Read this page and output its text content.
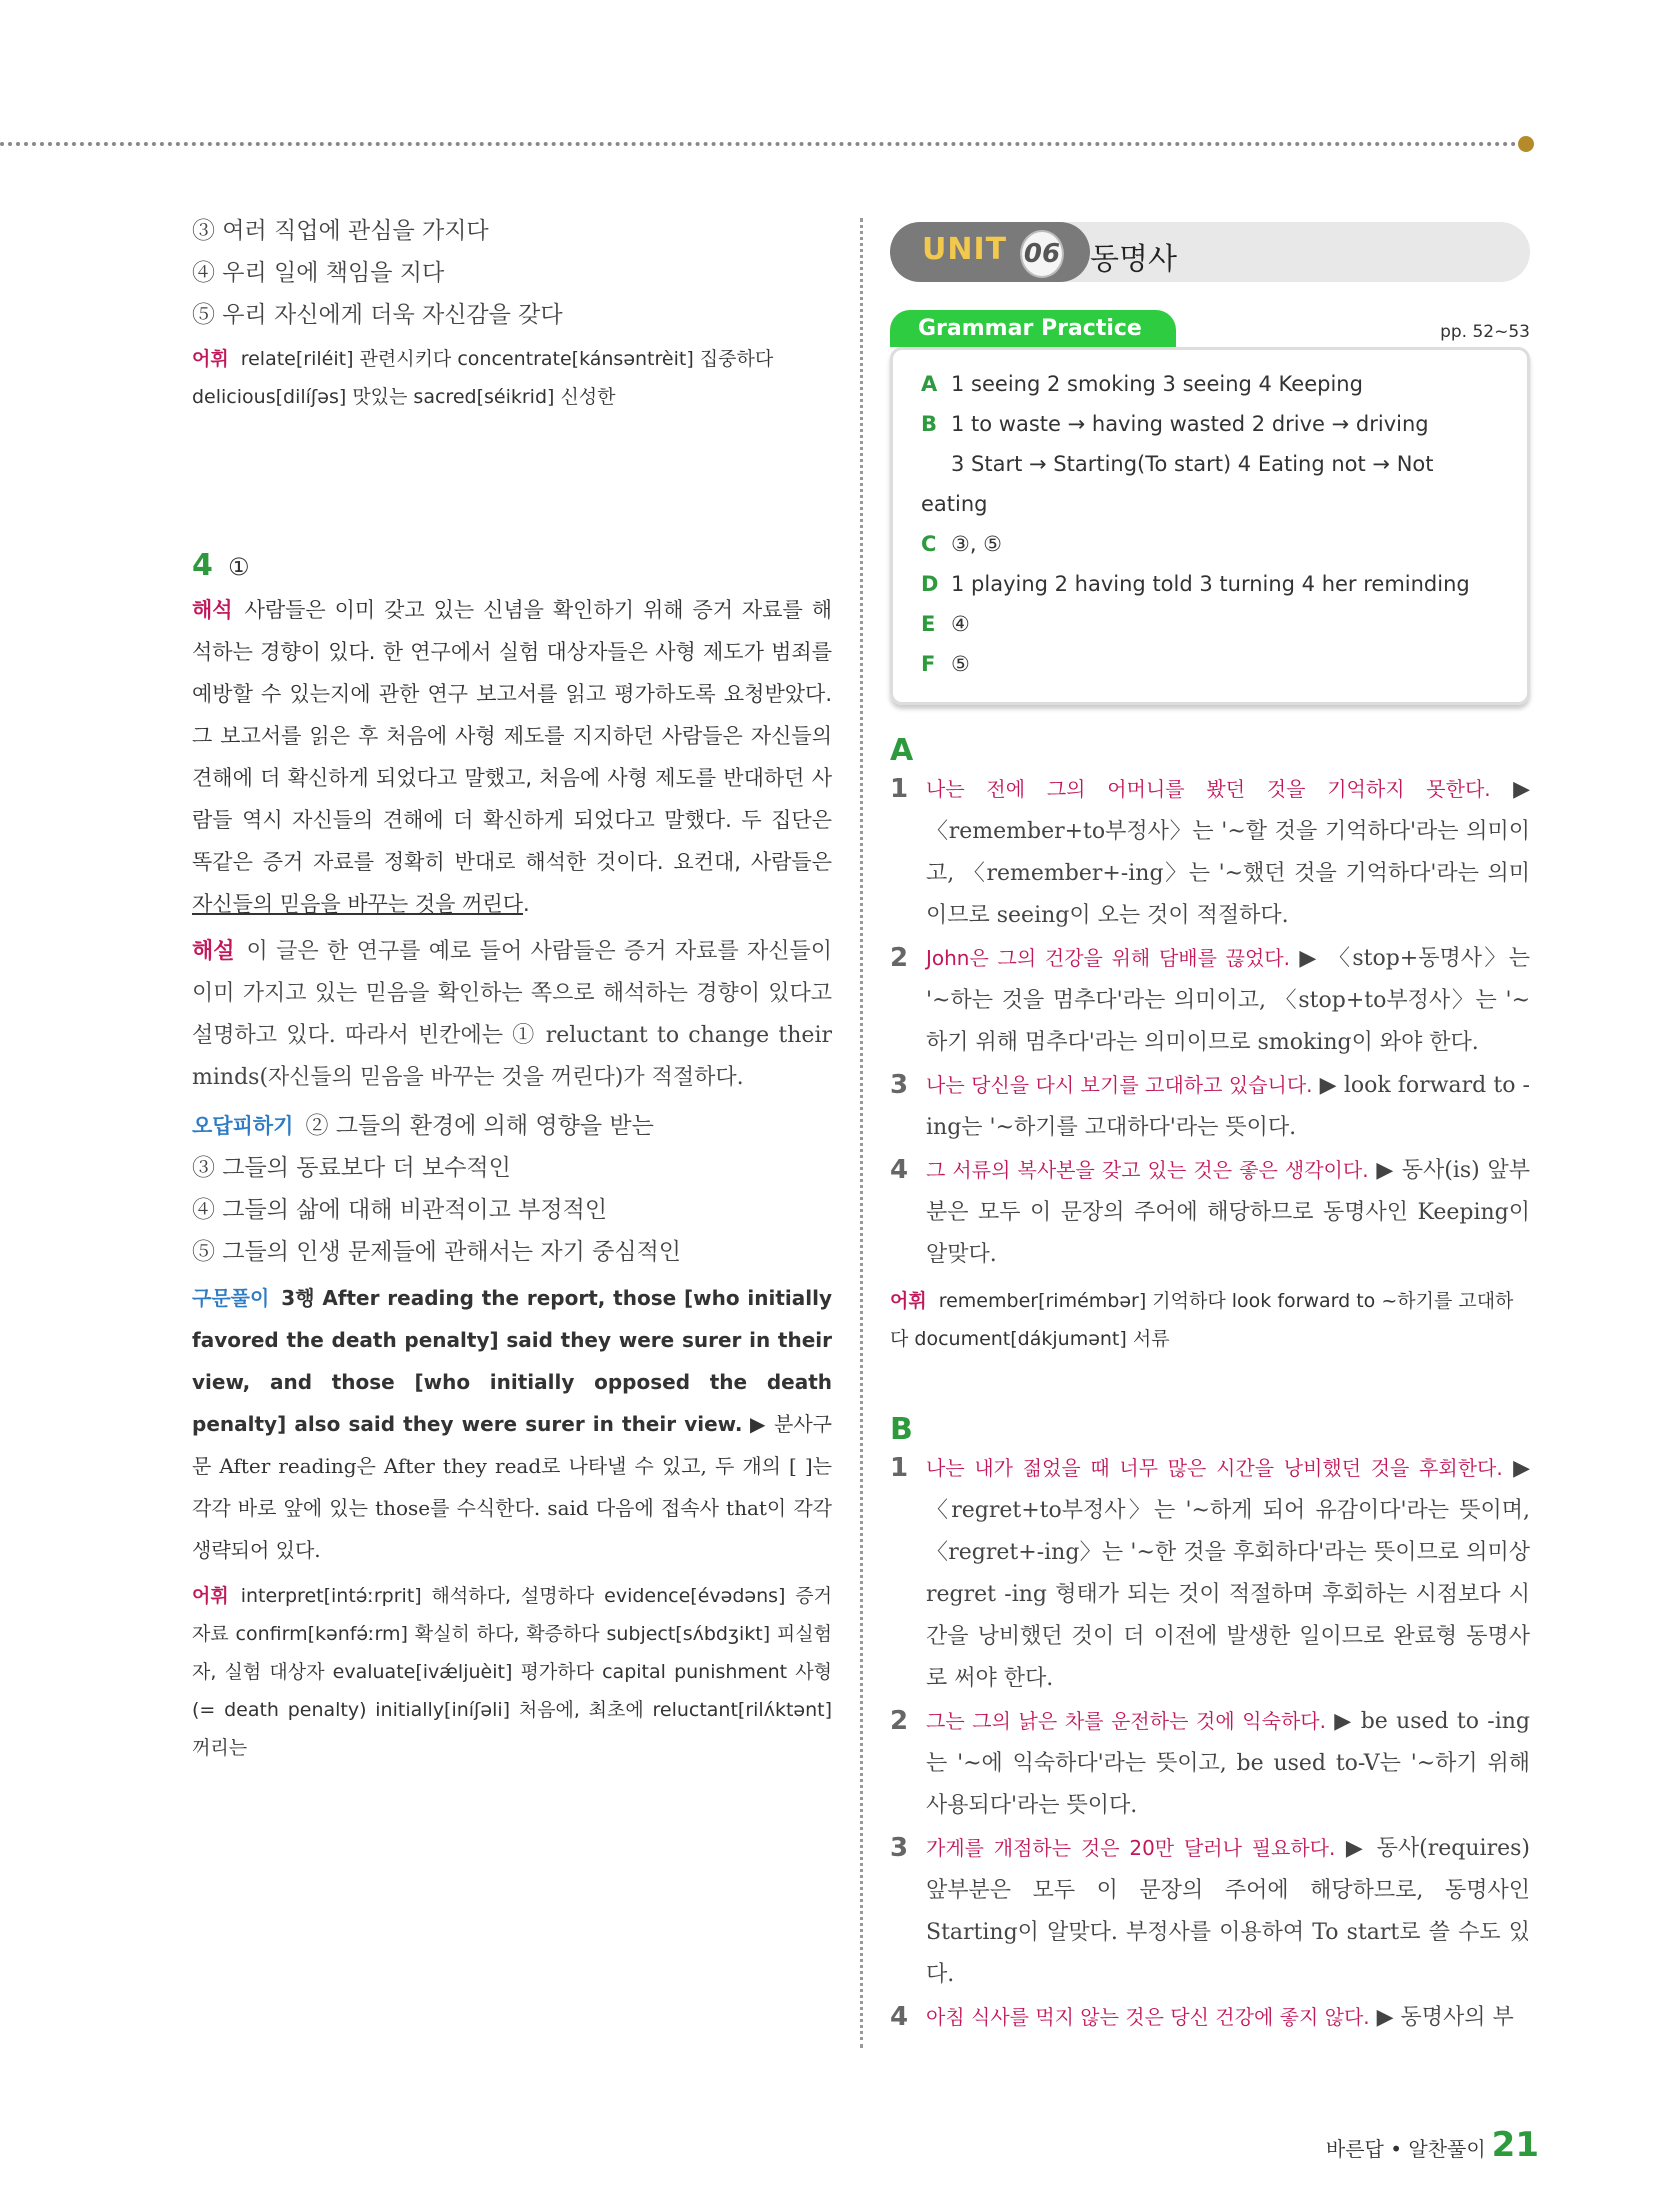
③ 여러 직업에 관심을 가지다

④ 우리 일에 책임을 지다

⑤ 우리 자신에게 더욱 자신감을 갖다

어휘 relate[riléit] 관련시키다 concentrate[kánsəntrèit] 집중하다

delicious[dilíʃəs] 맛있는 sacred[séikrid] 신성한

4 ①

해석 사람들은 이미 갖고 있는 신념을 확인하기 위해 증거 자료를 해석하는 경향이 있다. 한 연구에서 실험 대상자들은 사형 제도가 범죄를 예방할 수 있는지에 관한 연구 보고서를 읽고 평가하도록 요청받았다. 그 보고서를 읽은 후 처음에 사형 제도를 지지하던 사람들은 자신들의 견해에 더 확신하게 되었다고 말했고, 처음에 사형 제도를 반대하던 사람들 역시 자신들의 견해에 더 확신하게 되었다고 말했다. 두 집단은 똑같은 증거 자료를 정확히 반대로 해석한 것이다. 요컨대, 사람들은 자신들의 믿음을 바꾸는 것을 꺼린다.

해설 이 글은 한 연구를 예로 들어 사람들은 증거 자료를 자신들이 이미 가지고 있는 믿음을 확인하는 쪽으로 해석하는 경향이 있다고 설명하고 있다. 따라서 빈칸에는 ① reluctant to change their minds(자신들의 믿음을 바꾸는 것을 꺼린다)가 적절하다.

오답피하기 ② 그들의 환경에 의해 영향을 받는

③ 그들의 동료보다 더 보수적인

④ 그들의 삶에 대해 비관적이고 부정적인

⑤ 그들의 인생 문제들에 관해서는 자기 중심적인

구문풀이 3행 After reading the report, those [who initially favored the death penalty] said they were surer in their view, and those [who initially opposed the death penalty] also said they were surer in their view. ▶ 분사구문 After reading은 After they read로 나타낼 수 있고, 두 개의 [ ]는 각각 바로 앞에 있는 those를 수식한다. said 다음에 접속사 that이 각각 생략되어 있다.

어휘 interpret[intə́ːrprit] 해석하다, 설명하다 evidence[évədəns] 증거 자료 confirm[kənfə́ːrm] 확실히 하다, 확증하다 subject[sʌ́bdʒikt] 피실험자, 실험 대상자 evaluate[ivǽljuèit] 평가하다 capital punishment 사형 (= death penalty) initially[iníʃəli] 처음에, 최초에 reluctant[rilʌ́ktənt] 꺼리는

UNIT 06 동명사
Grammar Practice	pp. 52~53
A 1 seeing 2 smoking 3 seeing 4 Keeping
B 1 to waste → having wasted 2 drive → driving
3 Start → Starting(To start) 4 Eating not → Not eating
C ③, ⑤
D 1 playing 2 having told 3 turning 4 her reminding
E ④
F ⑤
A
1 나는 전에 그의 어머니를 봤던 것을 기억하지 못한다. ▶ 〈remember+to부정사〉는 '~할 것을 기억하다'라는 의미이고, 〈remember+-ing〉는 '~했던 것을 기억하다'라는 의미이므로 seeing이 오는 것이 적절하다.

2 John은 그의 건강을 위해 담배를 끊었다. ▶ 〈stop+동명사〉는 '~하는 것을 멈추다'라는 의미이고, 〈stop+to부정사〉는 '~하기 위해 멈추다'라는 의미이므로 smoking이 와야 한다.

3 나는 당신을 다시 보기를 고대하고 있습니다. ▶ look forward to -ing는 '~하기를 고대하다'라는 뜻이다.

4 그 서류의 복사본을 갖고 있는 것은 좋은 생각이다. ▶ 동사(is) 앞부분은 모두 이 문장의 주어에 해당하므로 동명사인 Keeping이 알맞다.

어휘 remember[rimémbər] 기억하다 look forward to ~하기를 고대하다 document[dákjumənt] 서류

B
1 나는 내가 젊었을 때 너무 많은 시간을 낭비했던 것을 후회한다. ▶ 〈regret+to부정사〉는 '~하게 되어 유감이다'라는 뜻이며, 〈regret+-ing〉는 '~한 것을 후회하다'라는 뜻이므로 의미상 regret -ing 형태가 되는 것이 적절하며 후회하는 시점보다 시간을 낭비했던 것이 더 이전에 발생한 일이므로 완료형 동명사로 써야 한다.

2 그는 그의 낡은 차를 운전하는 것에 익숙하다. ▶ be used to -ing는 '~에 익숙하다'라는 뜻이고, be used to-V는 '~하기 위해 사용되다'라는 뜻이다.

3 가게를 개점하는 것은 20만 달러나 필요하다. ▶ 동사(requires) 앞부분은 모두 이 문장의 주어에 해당하므로, 동명사인 Starting이 알맞다. 부정사를 이용하여 To start로 쓸 수도 있다.

4 아침 식사를 먹지 않는 것은 당신 건강에 좋지 않다. ▶ 동명사의 부

바른답 • 알찬풀이 21
